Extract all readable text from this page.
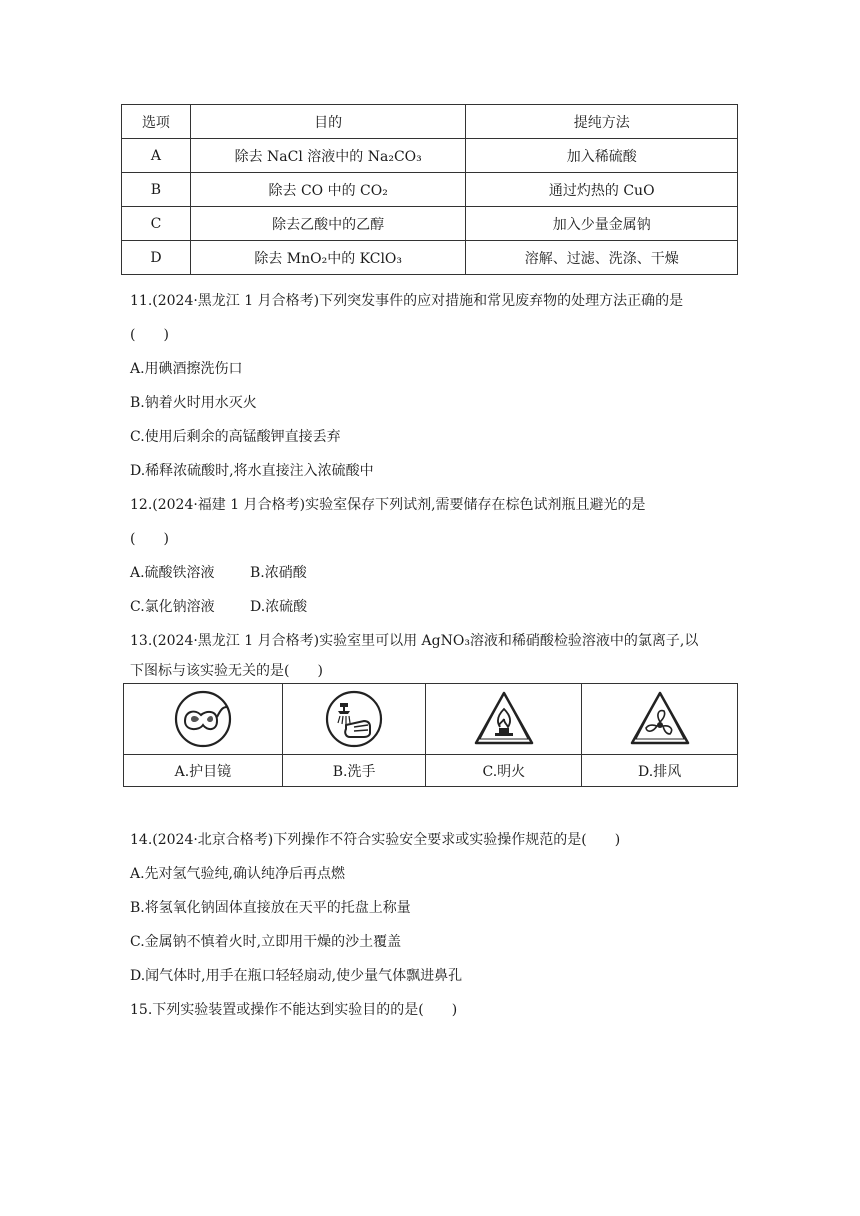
选项	目的	提纯方法
A	除去 NaCl 溶液中的 Na₂CO₃	加入稀硫酸
B	除去 CO 中的 CO₂	通过灼热的 CuO
C	除去乙酸中的乙醇	加入少量金属钠
D	除去 MnO₂中的 KClO₃	溶解、过滤、洗涤、干燥
11.(2024·黑龙江 1 月合格考)下列突发事件的应对措施和常见废弃物的处理方法正确的是
(　　)
A.用碘酒擦洗伤口
B.钠着火时用水灭火
C.使用后剩余的高锰酸钾直接丢弃
D.稀释浓硫酸时,将水直接注入浓硫酸中
12.(2024·福建 1 月合格考)实验室保存下列试剂,需要储存在棕色试剂瓶且避光的是
(　　)
A.硫酸铁溶液	B.浓硝酸
C.氯化钠溶液	D.浓硫酸
13.(2024·黑龙江 1 月合格考)实验室里可以用 AgNO₃溶液和稀硝酸检验溶液中的氯离子,以
下图标与该实验无关的是(　　)

A.护目镜	B.洗手	C.明火	D.排风
14.(2024·北京合格考)下列操作不符合实验安全要求或实验操作规范的是(　　)
A.先对氢气验纯,确认纯净后再点燃
B.将氢氧化钠固体直接放在天平的托盘上称量
C.金属钠不慎着火时,立即用干燥的沙土覆盖
D.闻气体时,用手在瓶口轻轻扇动,使少量气体飘进鼻孔
15.下列实验装置或操作不能达到实验目的的是(　　)
